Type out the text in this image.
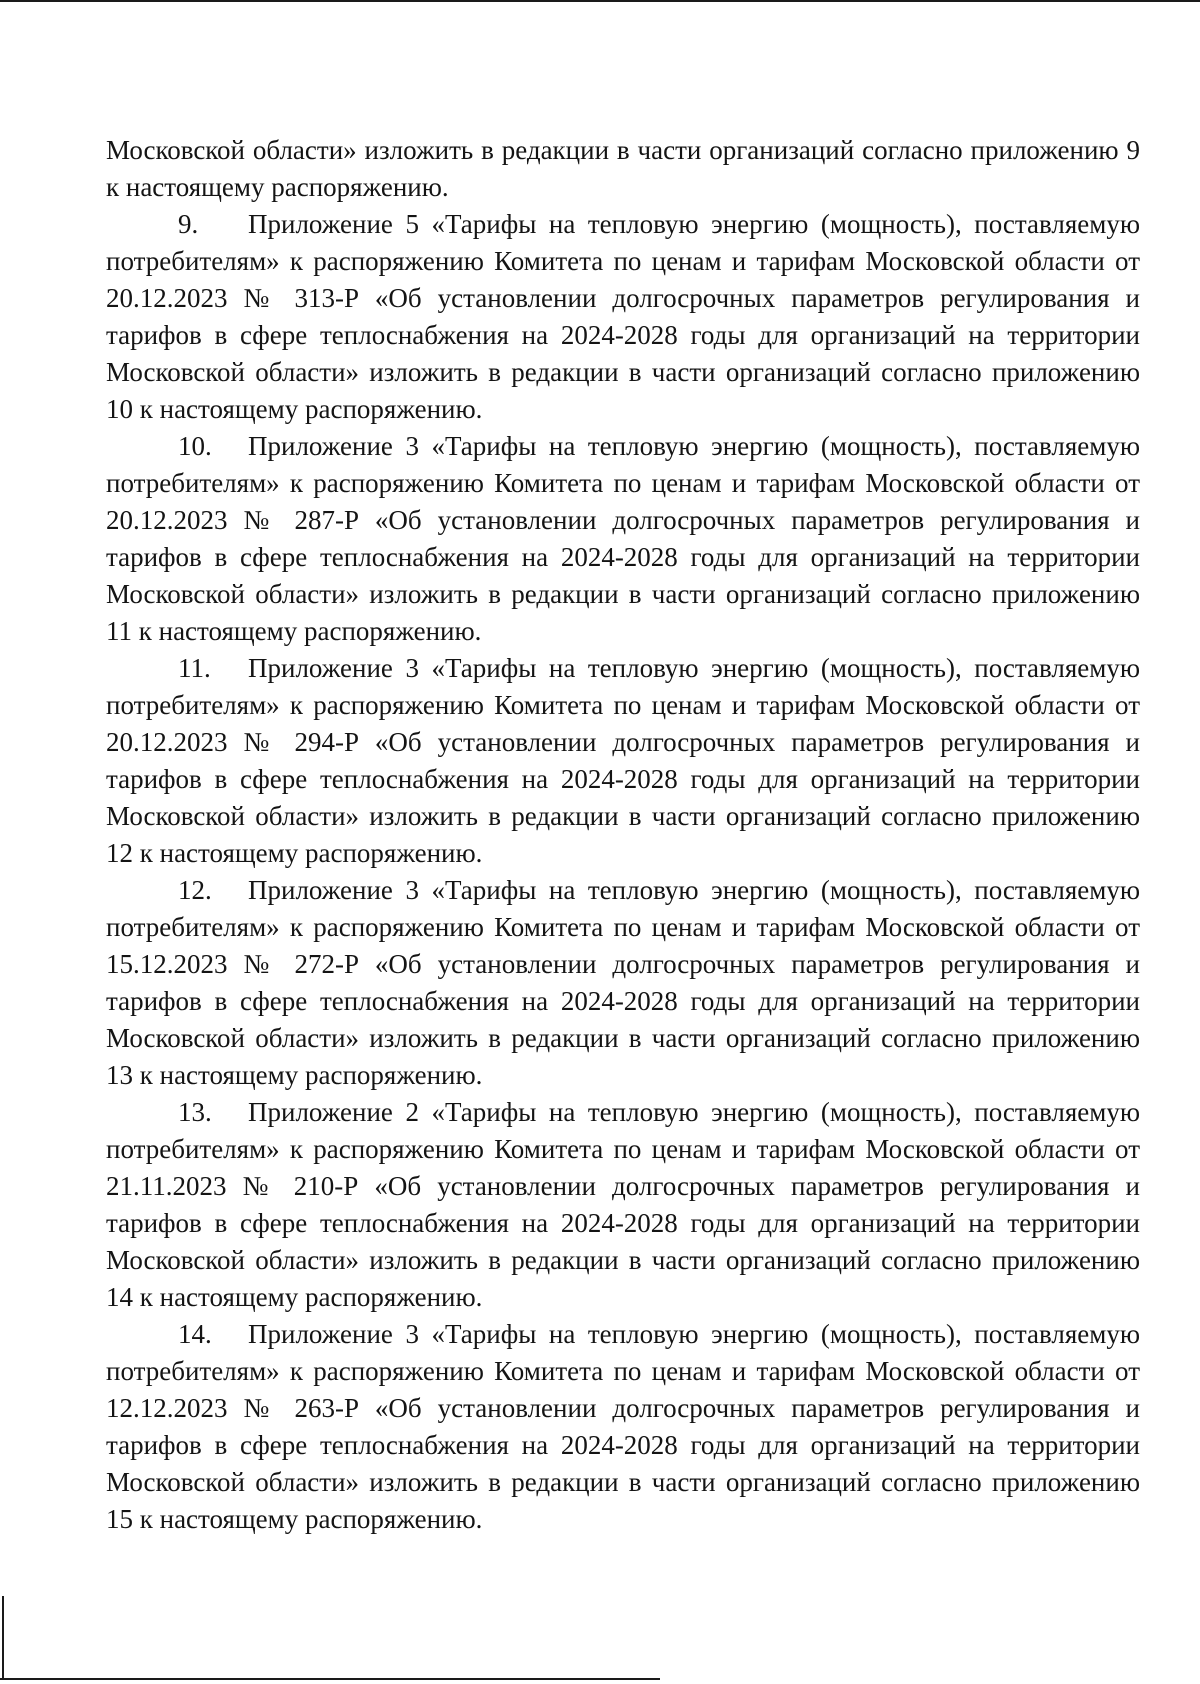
Московской области» изложить в редакции в части организаций согласно приложению 9 к настоящему распоряжению.

9. Приложение 5 «Тарифы на тепловую энергию (мощность), поставляемую потребителям» к распоряжению Комитета по ценам и тарифам Московской области от 20.12.2023 № 313-Р «Об установлении долгосрочных параметров регулирования и тарифов в сфере теплоснабжения на 2024-2028 годы для организаций на территории Московской области» изложить в редакции в части организаций согласно приложению 10 к настоящему распоряжению.

10. Приложение 3 «Тарифы на тепловую энергию (мощность), поставляемую потребителям» к распоряжению Комитета по ценам и тарифам Московской области от 20.12.2023 № 287-Р «Об установлении долгосрочных параметров регулирования и тарифов в сфере теплоснабжения на 2024-2028 годы для организаций на территории Московской области» изложить в редакции в части организаций согласно приложению 11 к настоящему распоряжению.

11. Приложение 3 «Тарифы на тепловую энергию (мощность), поставляемую потребителям» к распоряжению Комитета по ценам и тарифам Московской области от 20.12.2023 № 294-Р «Об установлении долгосрочных параметров регулирования и тарифов в сфере теплоснабжения на 2024-2028 годы для организаций на территории Московской области» изложить в редакции в части организаций согласно приложению 12 к настоящему распоряжению.

12. Приложение 3 «Тарифы на тепловую энергию (мощность), поставляемую потребителям» к распоряжению Комитета по ценам и тарифам Московской области от 15.12.2023 № 272-Р «Об установлении долгосрочных параметров регулирования и тарифов в сфере теплоснабжения на 2024-2028 годы для организаций на территории Московской области» изложить в редакции в части организаций согласно приложению 13 к настоящему распоряжению.

13. Приложение 2 «Тарифы на тепловую энергию (мощность), поставляемую потребителям» к распоряжению Комитета по ценам и тарифам Московской области от 21.11.2023 № 210-Р «Об установлении долгосрочных параметров регулирования и тарифов в сфере теплоснабжения на 2024-2028 годы для организаций на территории Московской области» изложить в редакции в части организаций согласно приложению 14 к настоящему распоряжению.

14. Приложение 3 «Тарифы на тепловую энергию (мощность), поставляемую потребителям» к распоряжению Комитета по ценам и тарифам Московской области от 12.12.2023 № 263-Р «Об установлении долгосрочных параметров регулирования и тарифов в сфере теплоснабжения на 2024-2028 годы для организаций на территории Московской области» изложить в редакции в части организаций согласно приложению 15 к настоящему распоряжению.
